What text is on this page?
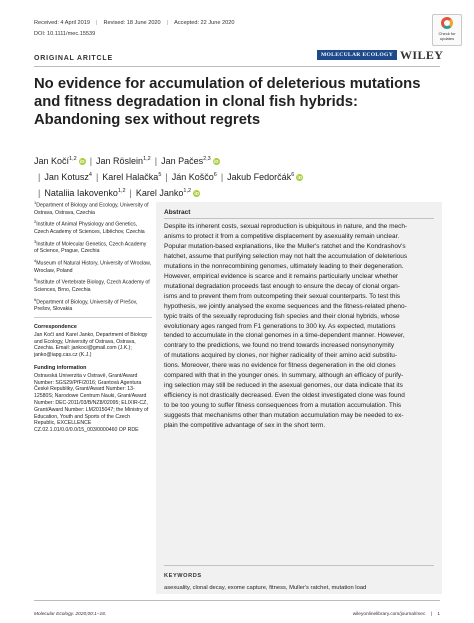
Received: 4 April 2019 | Revised: 18 June 2020 | Accepted: 22 June 2020
DOI: 10.1111/mec.15539	Check for
updates
ORIGINAL ARITCLE	MOLECULAR ECOLOGY WILEY
No evidence for accumulation of deleterious mutations and fitness degradation in clonal fish hybrids: Abandoning sex without regrets
Jan Kočí$^{1,2}$ iD | Jan Röslein$^{1,2}$ | Jan Pačes$^{2,3}$ iD| Jan Kotusz$^4$ | Karel Halačka$^5$ | Ján Koščo$^6$ | Jakub Fedorčák$^6$ iD| Nataliia Iakovenko$^{1,2}$ | Karel Janko$^{1,2}$ iD
$^1$Department of Biology and Ecology, University of Ostrava, Ostrava, Czechia
$^2$Institute of Animal Physiology and Genetics, Czech Academy of Sciences, Liběchov, Czechia
$^3$Institute of Molecular Genetics, Czech Academy of Science, Prague, Czechia
$^4$Museum of Natural History, University of Wrocław, Wroclaw, Poland
$^5$Institute of Vertebrate Biology, Czech Academy of Sciences, Brno, Czechia
$^6$Department of Biology, University of Prešov, Prešov, Slovakia
Correspondence

Jan Kočí and Karel Janko, Department of Biology and Ecology, University of Ostrava, Ostrava, Czechia. Email: jankoci@gmail.com (J.K.); janko@iapg.cas.cz (K.J.)

Funding information

Ostravská Univerzita v Ostravě, Grant/Award Number: SGS29/PřF/2016; Grantová Agentura České Republiky, Grant/Award Number: 13-12580S; Narodowe Centrum Nauki, Grant/Award Number: DEC-2011/03/B/NZ8/02095; ELIXIR-CZ, Grant/Award Number: LM2015047; the Ministry of Education, Youth and Sports of the Czech Republic, EXCELLENCE CZ.02.1.01/0.0/0.0/15_003/0000460 OP RDE

Abstract
Despite its inherent costs, sexual reproduction is ubiquitous in nature, and the mech-
anisms to protect it from a competitive displacement by asexuality remain unclear.
Popular mutation-based explanations, like the Muller's ratchet and the Kondrashov's
hatchet, assume that purifying selection may not halt the accumulation of deleterious
mutations in the nonrecombining genomes, ultimately leading to their degeneration.
However, empirical evidence is scarce and it remains particularly unclear whether
mutational degradation proceeds fast enough to ensure the decay of clonal organ-
isms and to prevent them from outcompeting their sexual counterparts. To test this
hypothesis, we jointly analysed the exome sequences and the fitness-related pheno-
typic traits of the sexually reproducing fish species and their clonal hybrids, whose
evolutionary ages ranged from F1 generations to 300 ky. As expected, mutations
tended to accumulate in the clonal genomes in a time-dependent manner. However,
contrary to the predictions, we found no trend towards increased nonsynonymity
of mutations acquired by clones, nor higher radicality of their amino acid substitu-
tions. Moreover, there was no evidence for fitness degeneration in the old clones
compared with that in the younger ones. In summary, although an efficacy of purify-
ing selection may still be reduced in the asexual genomes, our data indicate that its
efficiency is not drastically decreased. Even the oldest investigated clone was found
to be too young to suffer fitness consequences from a mutation accumulation. This
suggests that mechanisms other than mutation accumulation may be needed to ex-
plain the competitive advantage of sex in the short term.
KEYWORDS
asexuality, clonal decay, exome capture, fitness, Muller's ratchet, mutation load
Molecular Ecology. 2020;00:1–18.	wileyonlinelibrary.com/journal/mec | 1
